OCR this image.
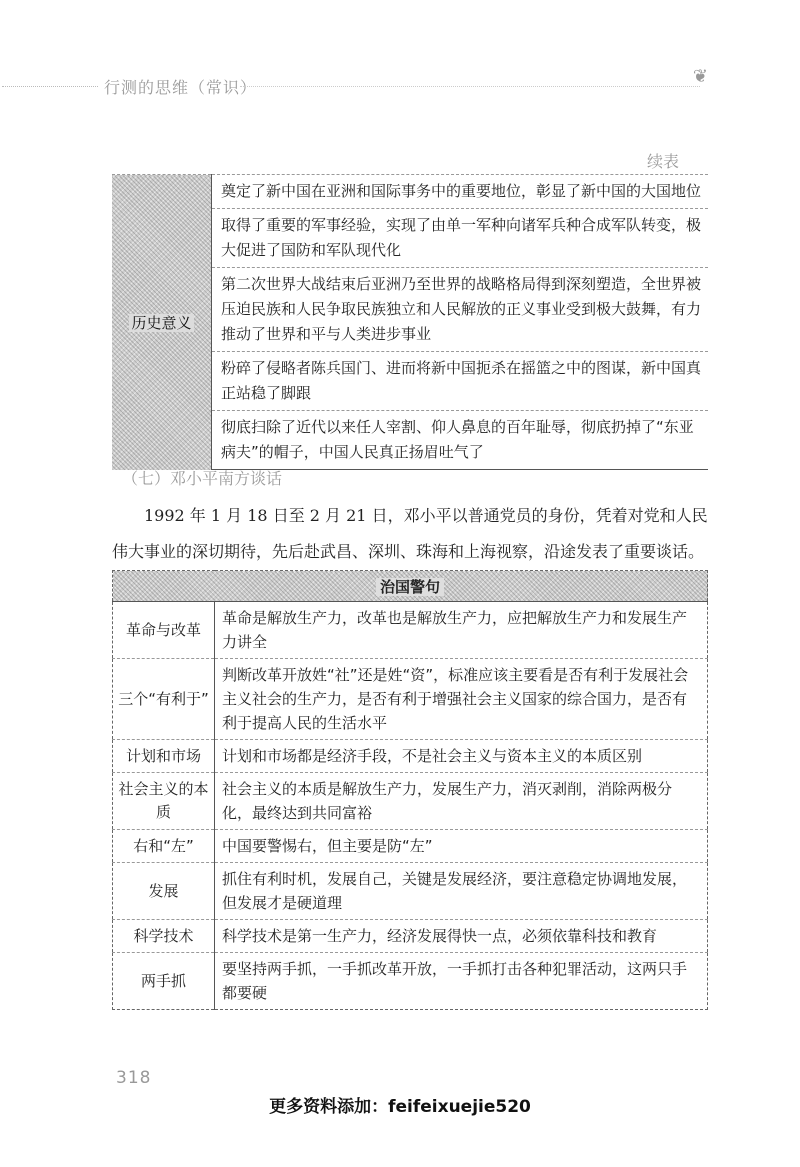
行测的思维（常识）
❦
续表
历史意义	奠定了新中国在亚洲和国际事务中的重要地位，彰显了新中国的大国地位
取得了重要的军事经验，实现了由单一军种向诸军兵种合成军队转变，极大促进了国防和军队现代化
第二次世界大战结束后亚洲乃至世界的战略格局得到深刻塑造，全世界被压迫民族和人民争取民族独立和人民解放的正义事业受到极大鼓舞，有力推动了世界和平与人类进步事业
粉碎了侵略者陈兵国门、进而将新中国扼杀在摇篮之中的图谋，新中国真正站稳了脚跟
彻底扫除了近代以来任人宰割、仰人鼻息的百年耻辱，彻底扔掉了“东亚病夫”的帽子，中国人民真正扬眉吐气了
（七）邓小平南方谈话

1992 年 1 月 18 日至 2 月 21 日，邓小平以普通党员的身份，凭着对党和人民伟大事业的深切期待，先后赴武昌、深圳、珠海和上海视察，沿途发表了重要谈话。

治国警句	
革命与改革	革命是解放生产力，改革也是解放生产力，应把解放生产力和发展生产力讲全
三个“有利于”	判断改革开放姓“社”还是姓“资”，标准应该主要看是否有利于发展社会主义社会的生产力，是否有利于增强社会主义国家的综合国力，是否有利于提高人民的生活水平
计划和市场	计划和市场都是经济手段，不是社会主义与资本主义的本质区别
社会主义的本质	社会主义的本质是解放生产力，发展生产力，消灭剥削，消除两极分化，最终达到共同富裕
右和“左”	中国要警惕右，但主要是防“左”
发展	抓住有利时机，发展自己，关键是发展经济，要注意稳定协调地发展，但发展才是硬道理
科学技术	科学技术是第一生产力，经济发展得快一点，必须依靠科技和教育
两手抓	要坚持两手抓，一手抓改革开放，一手抓打击各种犯罪活动，这两只手都要硬
318
更多资料添加：feifeixuejie520
